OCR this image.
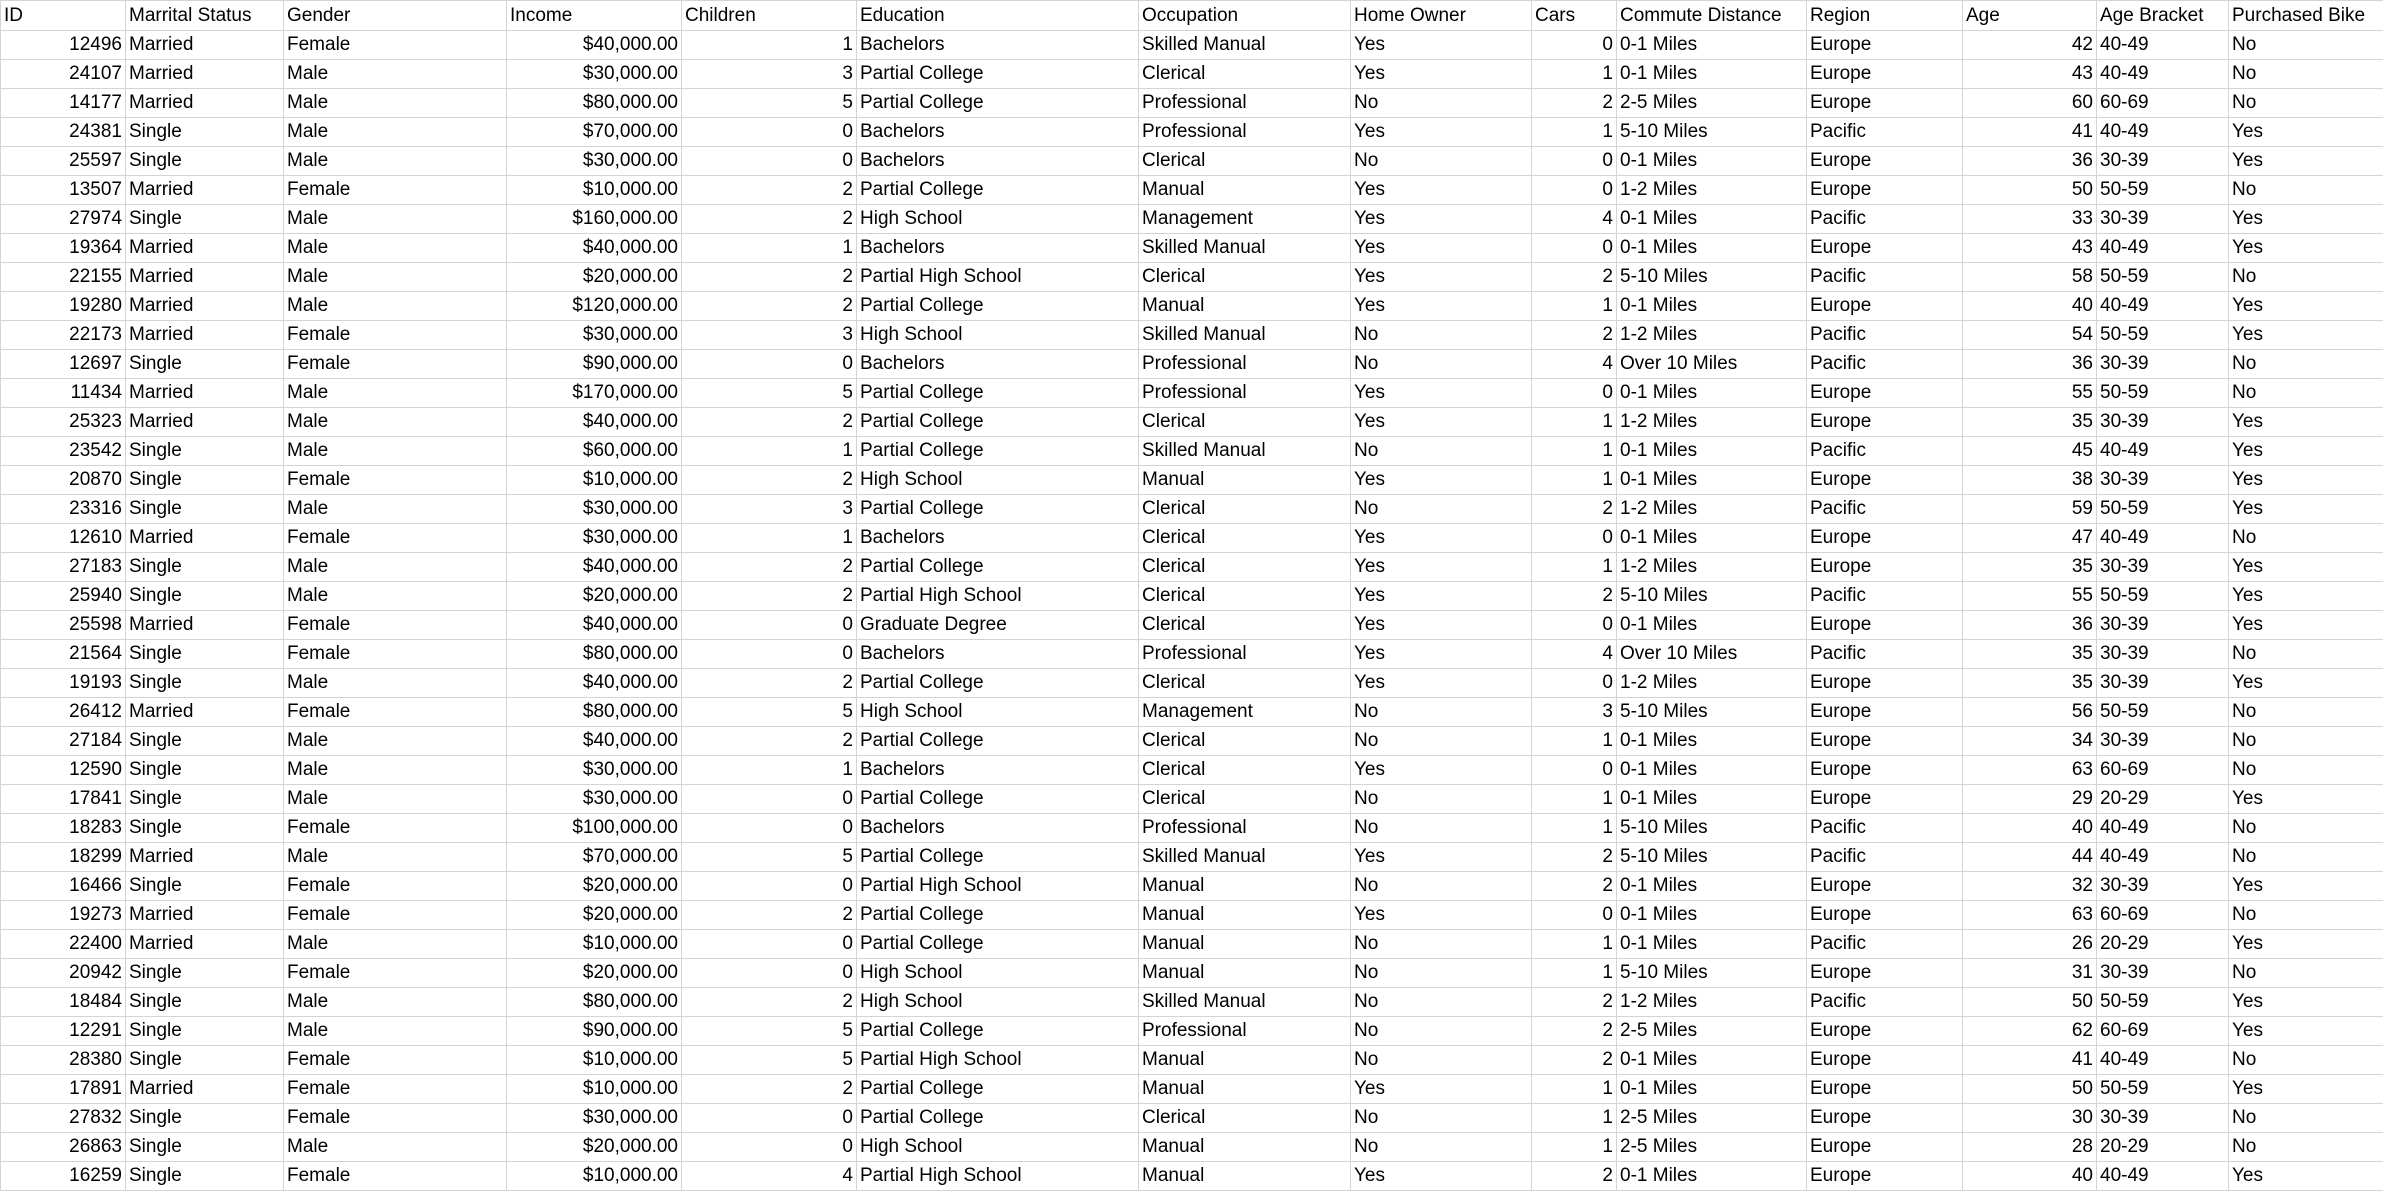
ID	Marrital Status	Gender	Income	Children	Education	Occupation	Home Owner	Cars	Commute Distance	Region	Age	Age Bracket	Purchased Bike
12496	Married	Female	$40,000.00	1	Bachelors	Skilled Manual	Yes	0	0-1 Miles	Europe	42	40-49	No
24107	Married	Male	$30,000.00	3	Partial College	Clerical	Yes	1	0-1 Miles	Europe	43	40-49	No
14177	Married	Male	$80,000.00	5	Partial College	Professional	No	2	2-5 Miles	Europe	60	60-69	No
24381	Single	Male	$70,000.00	0	Bachelors	Professional	Yes	1	5-10 Miles	Pacific	41	40-49	Yes
25597	Single	Male	$30,000.00	0	Bachelors	Clerical	No	0	0-1 Miles	Europe	36	30-39	Yes
13507	Married	Female	$10,000.00	2	Partial College	Manual	Yes	0	1-2 Miles	Europe	50	50-59	No
27974	Single	Male	$160,000.00	2	High School	Management	Yes	4	0-1 Miles	Pacific	33	30-39	Yes
19364	Married	Male	$40,000.00	1	Bachelors	Skilled Manual	Yes	0	0-1 Miles	Europe	43	40-49	Yes
22155	Married	Male	$20,000.00	2	Partial High School	Clerical	Yes	2	5-10 Miles	Pacific	58	50-59	No
19280	Married	Male	$120,000.00	2	Partial College	Manual	Yes	1	0-1 Miles	Europe	40	40-49	Yes
22173	Married	Female	$30,000.00	3	High School	Skilled Manual	No	2	1-2 Miles	Pacific	54	50-59	Yes
12697	Single	Female	$90,000.00	0	Bachelors	Professional	No	4	Over 10 Miles	Pacific	36	30-39	No
11434	Married	Male	$170,000.00	5	Partial College	Professional	Yes	0	0-1 Miles	Europe	55	50-59	No
25323	Married	Male	$40,000.00	2	Partial College	Clerical	Yes	1	1-2 Miles	Europe	35	30-39	Yes
23542	Single	Male	$60,000.00	1	Partial College	Skilled Manual	No	1	0-1 Miles	Pacific	45	40-49	Yes
20870	Single	Female	$10,000.00	2	High School	Manual	Yes	1	0-1 Miles	Europe	38	30-39	Yes
23316	Single	Male	$30,000.00	3	Partial College	Clerical	No	2	1-2 Miles	Pacific	59	50-59	Yes
12610	Married	Female	$30,000.00	1	Bachelors	Clerical	Yes	0	0-1 Miles	Europe	47	40-49	No
27183	Single	Male	$40,000.00	2	Partial College	Clerical	Yes	1	1-2 Miles	Europe	35	30-39	Yes
25940	Single	Male	$20,000.00	2	Partial High School	Clerical	Yes	2	5-10 Miles	Pacific	55	50-59	Yes
25598	Married	Female	$40,000.00	0	Graduate Degree	Clerical	Yes	0	0-1 Miles	Europe	36	30-39	Yes
21564	Single	Female	$80,000.00	0	Bachelors	Professional	Yes	4	Over 10 Miles	Pacific	35	30-39	No
19193	Single	Male	$40,000.00	2	Partial College	Clerical	Yes	0	1-2 Miles	Europe	35	30-39	Yes
26412	Married	Female	$80,000.00	5	High School	Management	No	3	5-10 Miles	Europe	56	50-59	No
27184	Single	Male	$40,000.00	2	Partial College	Clerical	No	1	0-1 Miles	Europe	34	30-39	No
12590	Single	Male	$30,000.00	1	Bachelors	Clerical	Yes	0	0-1 Miles	Europe	63	60-69	No
17841	Single	Male	$30,000.00	0	Partial College	Clerical	No	1	0-1 Miles	Europe	29	20-29	Yes
18283	Single	Female	$100,000.00	0	Bachelors	Professional	No	1	5-10 Miles	Pacific	40	40-49	No
18299	Married	Male	$70,000.00	5	Partial College	Skilled Manual	Yes	2	5-10 Miles	Pacific	44	40-49	No
16466	Single	Female	$20,000.00	0	Partial High School	Manual	No	2	0-1 Miles	Europe	32	30-39	Yes
19273	Married	Female	$20,000.00	2	Partial College	Manual	Yes	0	0-1 Miles	Europe	63	60-69	No
22400	Married	Male	$10,000.00	0	Partial College	Manual	No	1	0-1 Miles	Pacific	26	20-29	Yes
20942	Single	Female	$20,000.00	0	High School	Manual	No	1	5-10 Miles	Europe	31	30-39	No
18484	Single	Male	$80,000.00	2	High School	Skilled Manual	No	2	1-2 Miles	Pacific	50	50-59	Yes
12291	Single	Male	$90,000.00	5	Partial College	Professional	No	2	2-5 Miles	Europe	62	60-69	Yes
28380	Single	Female	$10,000.00	5	Partial High School	Manual	No	2	0-1 Miles	Europe	41	40-49	No
17891	Married	Female	$10,000.00	2	Partial College	Manual	Yes	1	0-1 Miles	Europe	50	50-59	Yes
27832	Single	Female	$30,000.00	0	Partial College	Clerical	No	1	2-5 Miles	Europe	30	30-39	No
26863	Single	Male	$20,000.00	0	High School	Manual	No	1	2-5 Miles	Europe	28	20-29	No
16259	Single	Female	$10,000.00	4	Partial High School	Manual	Yes	2	0-1 Miles	Europe	40	40-49	Yes
